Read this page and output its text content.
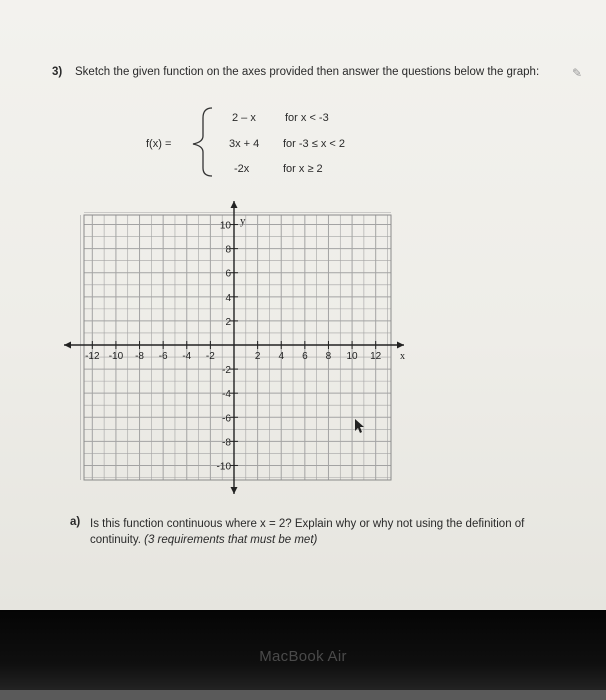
3) Sketch the given function on the axes provided then answer the questions below the graph:	✎
f(x) =
2 – x	for x < -3
3x + 4 for -3 ≤ x < 2
-2x	for x ≥ 2
-12 -10 -8 -6 -4 -2	2 4 6 8 10 12
10
8
6
4
2
-2
-4
-6
-8
-10
x
y
a) Is this function continuous where x = 2? Explain why or why not using the definition of continuity. (3 requirements that must be met)
MacBook Air
